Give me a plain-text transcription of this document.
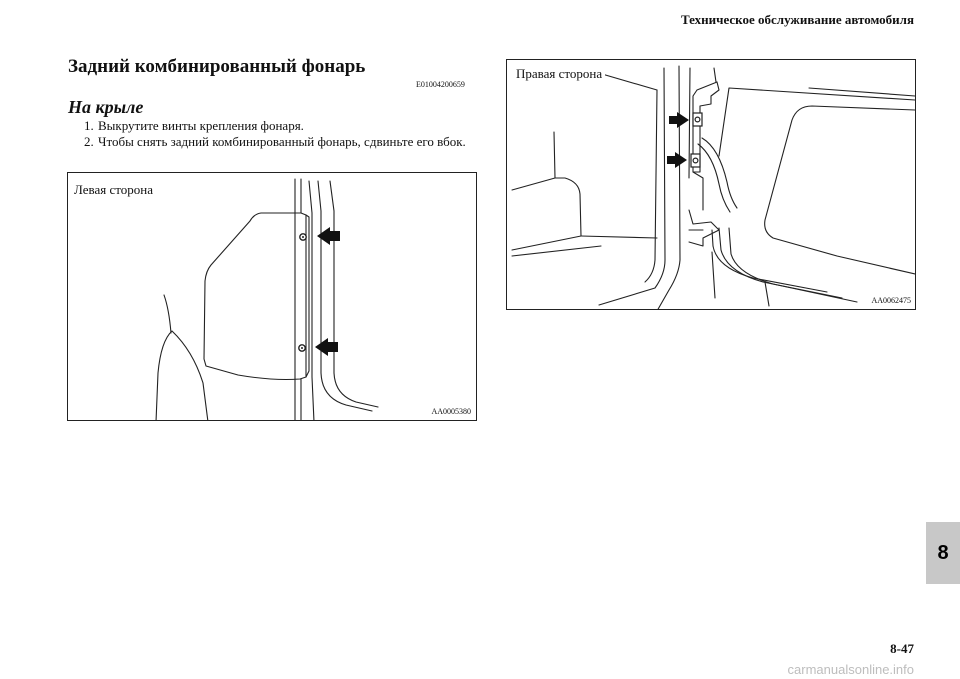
Техническое обслуживание автомобиля
Задний комбинированный фонарь
E01004200659
На крыле
1. Выкрутите винты крепления фонаря.
2. Чтобы снять задний комбинированный фонарь, сдвиньте его вбок.
Левая сторона
AA0005380
Правая сторона
AA0062475
8
8-47
carmanualsonline.info
